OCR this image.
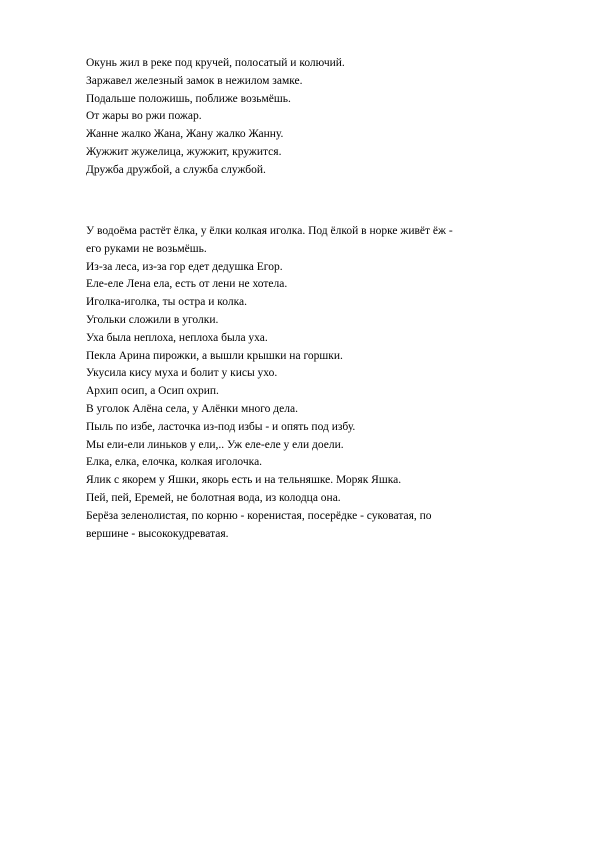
Окунь жил в реке под кручей, полосатый и колючий.
Заржавел железный замок в нежилом замке.
Подальше положишь, поближе возьмёшь.
От жары во ржи пожар.
Жанне жалко Жана, Жану жалко Жанну.
Жужжит жужелица, жужжит, кружится.
Дружба дружбой, а служба службой.
У водоёма растёт ёлка, у ёлки колкая иголка. Под ёлкой в норке живёт ёж -
его руками не возьмёшь.
Из-за леса, из-за гор едет дедушка Егор.
Еле-еле Лена ела, есть от лени не хотела.
Иголка-иголка, ты остра и колка.
Угольки сложили в уголки.
Уха была неплоха, неплоха была уха.
Пекла Арина пирожки, а вышли крышки на горшки.
Укусила кису муха и болит у кисы ухо.
Архип осип, а Осип охрип.
В уголок Алёна села, у Алёнки много дела.
Пыль по избе, ласточка из-под избы - и опять под избу.
Мы ели-ели линьков у ели,.. Уж еле-еле у ели доели.
Елка, елка, елочка, колкая иголочка.
Ялик с якорем у Яшки, якорь есть и на тельняшке. Моряк Яшка.
Пей, пей, Еремей, не болотная вода, из колодца она.
Берёза зеленолистая, по корню - коренистая, посерёдке - суковатая, по
вершине - высококудреватая.
